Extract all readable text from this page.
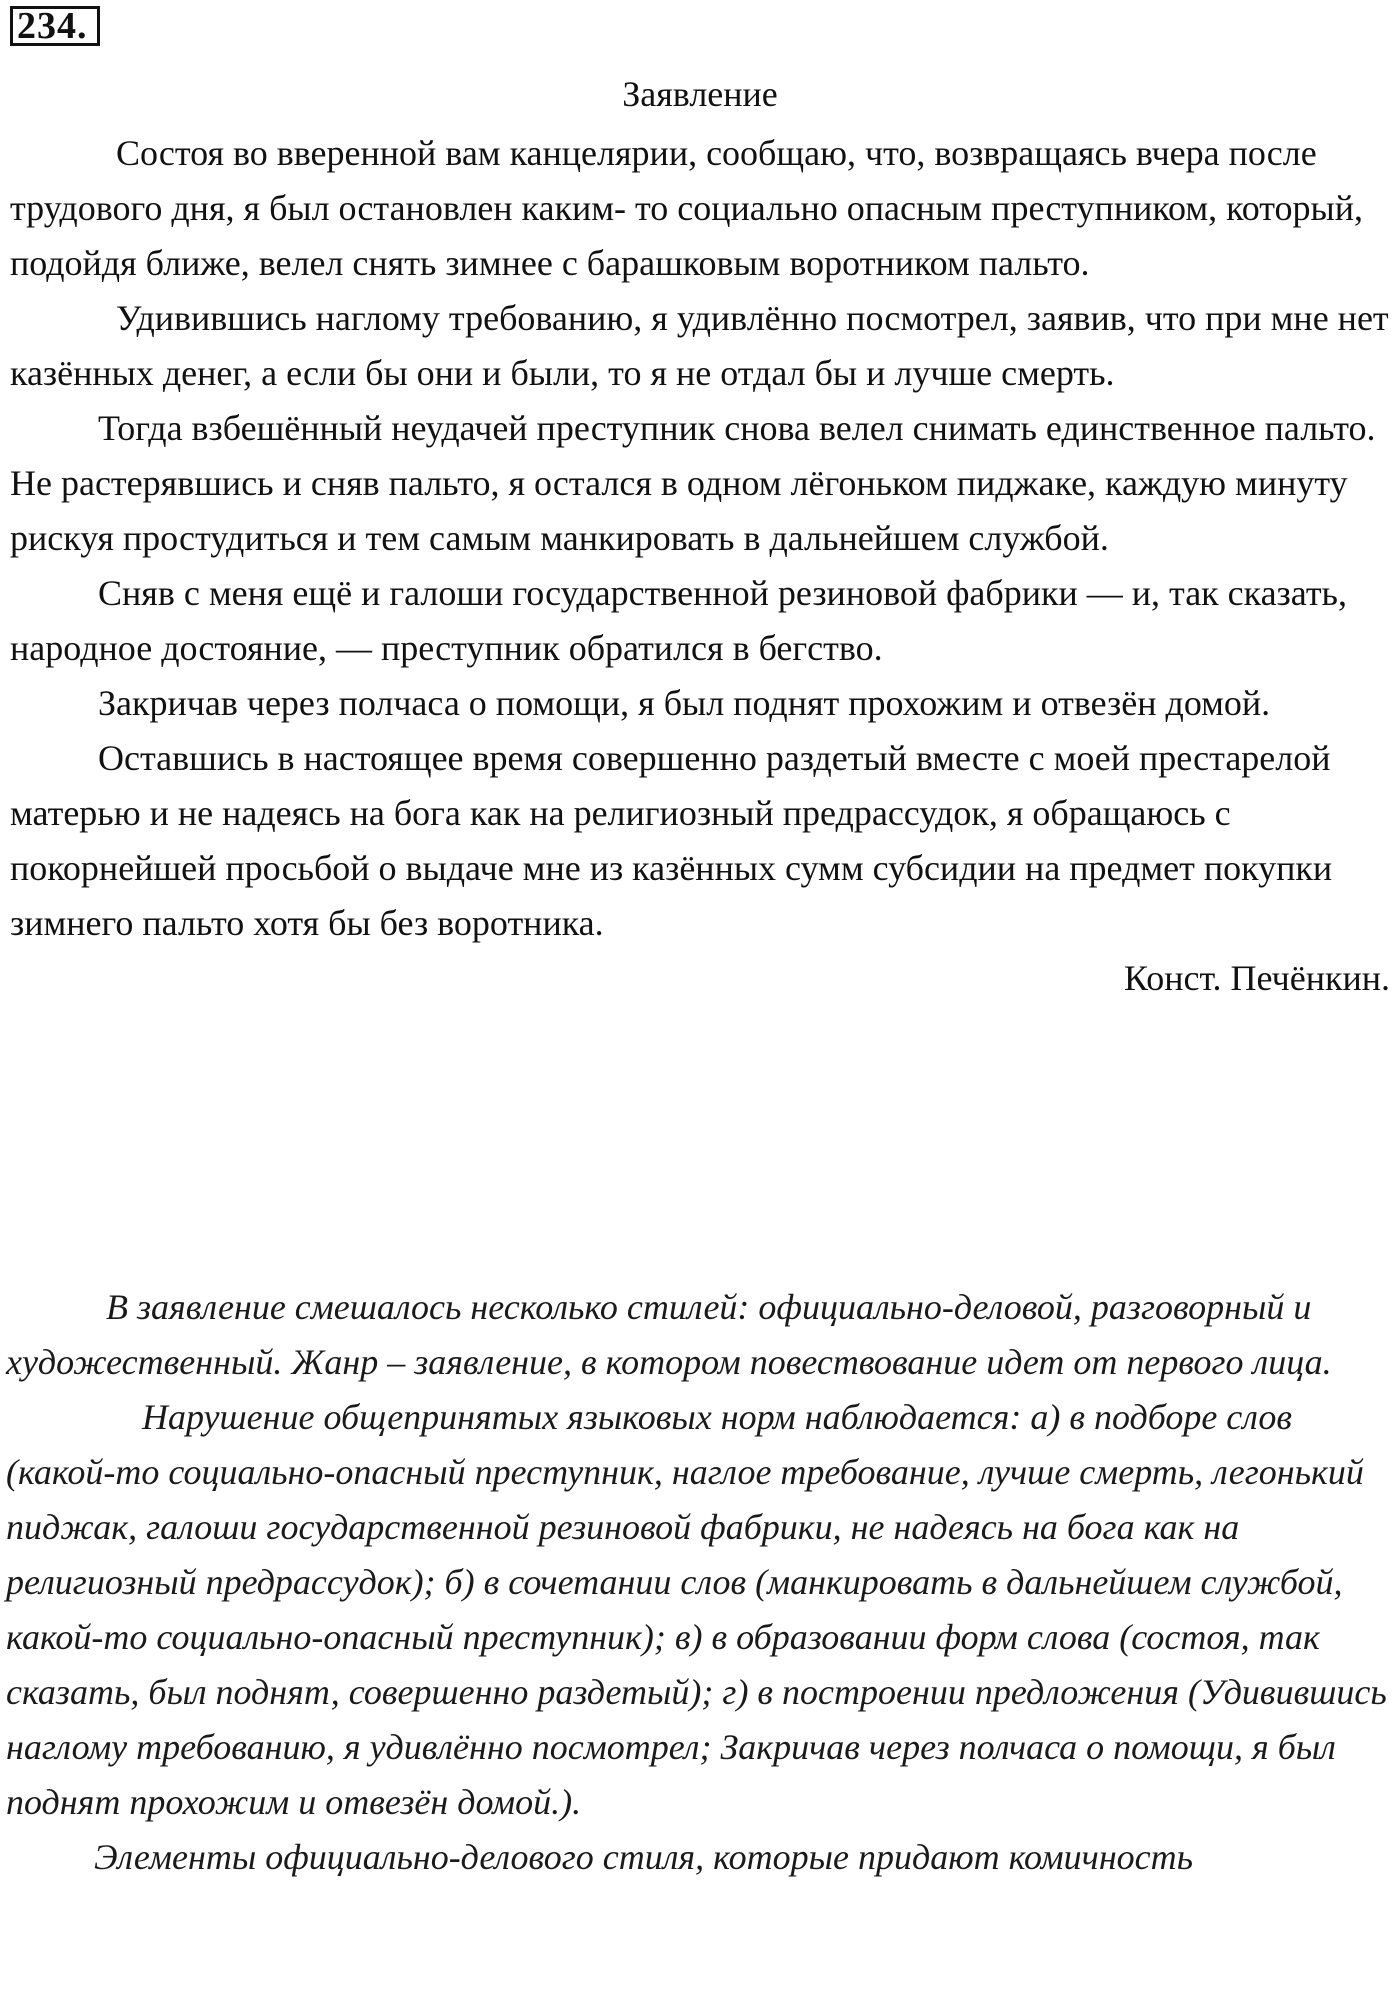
234.
Заявление

Состоя во вверенной вам канцелярии, сообщаю, что, возвращаясь вчера после трудового дня, я был остановлен каким- то социально опасным преступником, который, подойдя ближе, велел снять зимнее с барашковым воротником пальто.

Удивившись наглому требованию, я удивлённо посмотрел, заявив, что при мне нет казённых денег, а если бы они и были, то я не отдал бы и лучше смерть.

Тогда взбешённый неудачей преступник снова велел снимать единственное пальто. Не растерявшись и сняв пальто, я остался в одном лёгоньком пиджаке, каждую минуту рискуя простудиться и тем самым манкировать в дальнейшем службой.

Сняв с меня ещё и галоши государственной резиновой фабрики — и, так сказать, народное достояние, — преступник обратился в бегство.

Закричав через полчаса о помощи, я был поднят прохожим и отвезён домой.

Оставшись в настоящее время совершенно раздетый вместе с моей престарелой матерью и не надеясь на бога как на религиозный предрассудок, я обращаюсь с покорнейшей просьбой о выдаче мне из казённых сумм субсидии на предмет покупки зимнего пальто хотя бы без воротника.

Конст. Печёнкин.

В заявление смешалось несколько стилей: официально-деловой, разговорный и художественный. Жанр – заявление, в котором повествование идет от первого лица.

Нарушение общепринятых языковых норм наблюдается: а) в подборе слов (какой-то социально-опасный преступник, наглое требование, лучше смерть, легонький пиджак, галоши государственной резиновой фабрики, не надеясь на бога как на религиозный предрассудок); б) в сочетании слов (манкировать в дальнейшем службой, какой-то социально-опасный преступник); в) в образовании форм слова (состоя, так сказать, был поднят, совершенно раздетый); г) в построении предложения (Удивившись наглому требованию, я удивлённо посмотрел; Закричав через полчаса о помощи, я был поднят прохожим и отвезён домой.).

Элементы официально-делового стиля, которые придают комичность
